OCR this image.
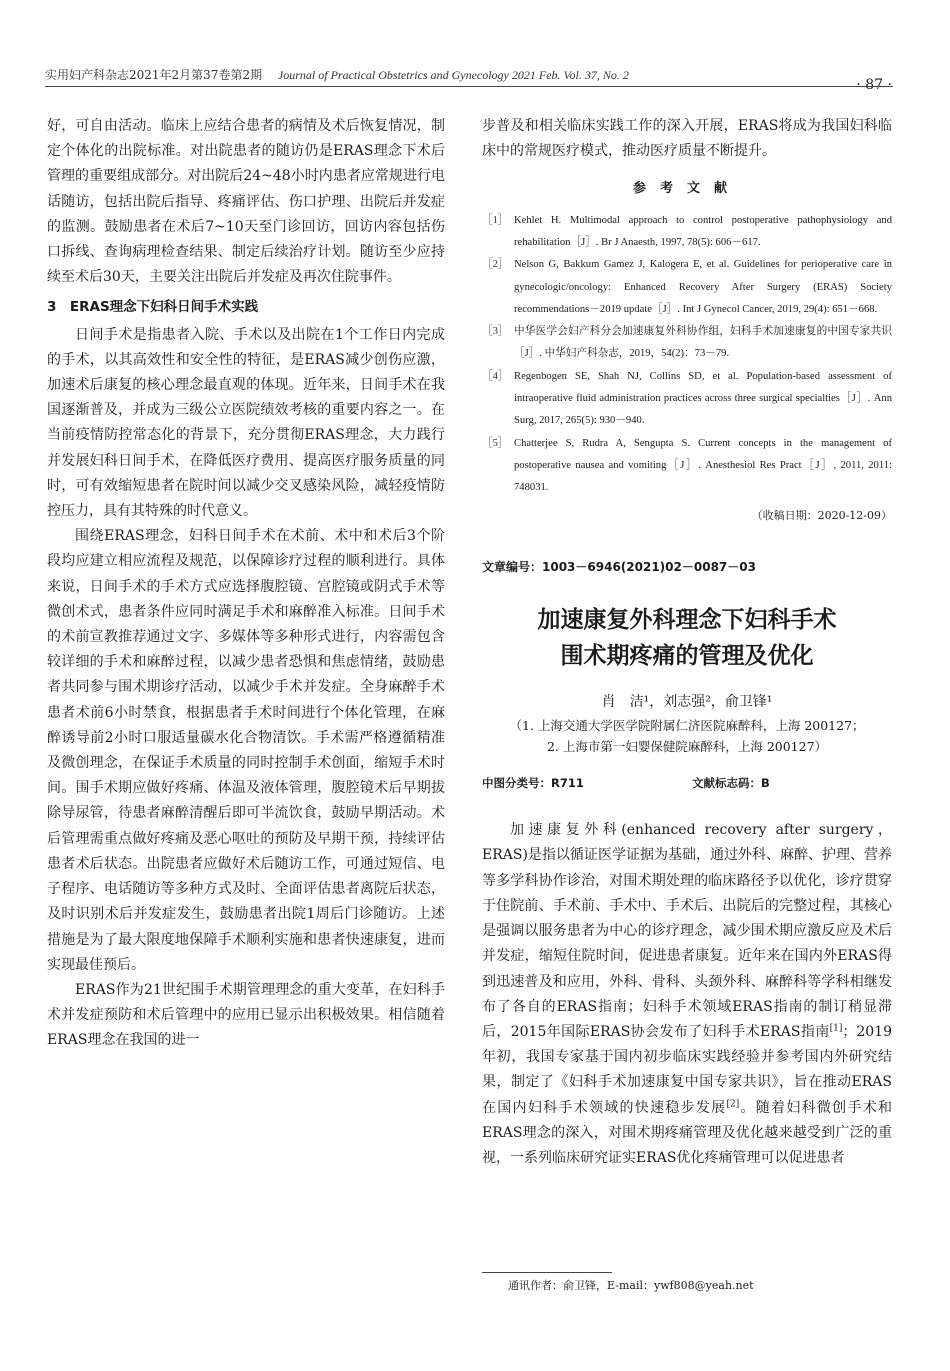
实用妇产科杂志2021年2月第37卷第2期　 Journal of Practical Obstetrics and Gynecology 2021 Feb. Vol. 37, No. 2
· 87 ·

好，可自由活动。临床上应结合患者的病情及术后恢复情况，制定个体化的出院标准。对出院患者的随访仍是ERAS理念下术后管理的重要组成部分。对出院后24~48小时内患者应常规进行电话随访，包括出院后指导、疼痛评估、伤口护理、出院后并发症的监测。鼓励患者在术后7~10天至门诊回访，回访内容包括伤口拆线、查询病理检查结果、制定后续治疗计划。随访至少应持续至术后30天，主要关注出院后并发症及再次住院事件。

3　ERAS理念下妇科日间手术实践

日间手术是指患者入院、手术以及出院在1个工作日内完成的手术，以其高效性和安全性的特征，是ERAS减少创伤应激，加速术后康复的核心理念最直观的体现。近年来，日间手术在我国逐渐普及，并成为三级公立医院绩效考核的重要内容之一。在当前疫情防控常态化的背景下，充分贯彻ERAS理念，大力践行并发展妇科日间手术，在降低医疗费用、提高医疗服务质量的同时，可有效缩短患者在院时间以减少交叉感染风险，减轻疫情防控压力，具有其特殊的时代意义。

围绕ERAS理念，妇科日间手术在术前、术中和术后3个阶段均应建立相应流程及规范，以保障诊疗过程的顺利进行。具体来说，日间手术的手术方式应选择腹腔镜、宫腔镜或阴式手术等微创术式，患者条件应同时满足手术和麻醉准入标准。日间手术的术前宣教推荐通过文字、多媒体等多种形式进行，内容需包含较详细的手术和麻醉过程，以减少患者恐惧和焦虑情绪，鼓励患者共同参与围术期诊疗活动，以减少手术并发症。全身麻醉手术患者术前6小时禁食，根据患者手术时间进行个体化管理，在麻醉诱导前2小时口服适量碳水化合物清饮。手术需严格遵循精准及微创理念，在保证手术质量的同时控制手术创面，缩短手术时间。围手术期应做好疼痛、体温及液体管理，腹腔镜术后早期拔除导尿管，待患者麻醉清醒后即可半流饮食，鼓励早期活动。术后管理需重点做好疼痛及恶心呕吐的预防及早期干预，持续评估患者术后状态。出院患者应做好术后随访工作，可通过短信、电子程序、电话随访等多种方式及时、全面评估患者离院后状态，及时识别术后并发症发生，鼓励患者出院1周后门诊随访。上述措施是为了最大限度地保障手术顺利实施和患者快速康复，进而实现最佳预后。

ERAS作为21世纪围手术期管理理念的重大变革，在妇科手术并发症预防和术后管理中的应用已显示出积极效果。相信随着ERAS理念在我国的进一

步普及和相关临床实践工作的深入开展，ERAS将成为我国妇科临床中的常规医疗模式，推动医疗质量不断提升。

参考文献

［1］ Kehlet H. Multimodal approach to control postoperative pathophysiology and rehabilitation［J］. Br J Anaesth, 1997, 78(5): 606－617.
［2］ Nelson G, Bakkum Gamez J, Kalogera E, et al. Guidelines for perioperative care in gynecologic/oncology: Enhanced Recovery After Surgery (ERAS) Society recommendations－2019 update［J］. Int J Gynecol Cancer, 2019, 29(4): 651－668.
［3］ 中华医学会妇产科分会加速康复外科协作组，妇科手术加速康复的中国专家共识［J］. 中华妇产科杂志，2019，54(2)：73－79.
［4］ Regenbogen SE, Shah NJ, Collins SD, et al. Population-based assessment of intraoperative fluid administration practices across three surgical specialties［J］. Ann Surg, 2017, 265(5): 930－940.
［5］ Chatterjee S, Rudra A, Sengupta S. Current concepts in the management of postoperative nausea and vomiting［J］. Anesthesiol Res Pract［J］, 2011, 2011: 748031.

（收稿日期：2020-12-09）

文章编号：1003－6946(2021)02－0087－03

加速康复外科理念下妇科手术
围术期疼痛的管理及优化

肖　洁¹，刘志强²，俞卫锋¹

（1. 上海交通大学医学院附属仁济医院麻醉科，上海 200127；
2. 上海市第一妇婴保健院麻醉科，上海 200127）

中图分类号：R711	文献标志码：B

加速康复外科(enhanced recovery after surgery，ERAS)是指以循证医学证据为基础，通过外科、麻醉、护理、营养等多学科协作诊治，对围术期处理的临床路径予以优化，诊疗贯穿于住院前、手术前、手术中、手术后、出院后的完整过程，其核心是强调以服务患者为中心的诊疗理念，减少围术期应激反应及术后并发症，缩短住院时间，促进患者康复。近年来在国内外ERAS得到迅速普及和应用，外科、骨科、头颈外科、麻醉科等学科相继发布了各自的ERAS指南；妇科手术领域ERAS指南的制订稍显滞后，2015年国际ERAS协会发布了妇科手术ERAS指南[1]；2019年初，我国专家基于国内初步临床实践经验并参考国内外研究结果，制定了《妇科手术加速康复中国专家共识》，旨在推动ERAS在国内妇科手术领域的快速稳步发展[2]。随着妇科微创手术和ERAS理念的深入，对围术期疼痛管理及优化越来越受到广泛的重视，一系列临床研究证实ERAS优化疼痛管理可以促进患者

通讯作者：俞卫锋，E-mail：ywf808@yeah.net
